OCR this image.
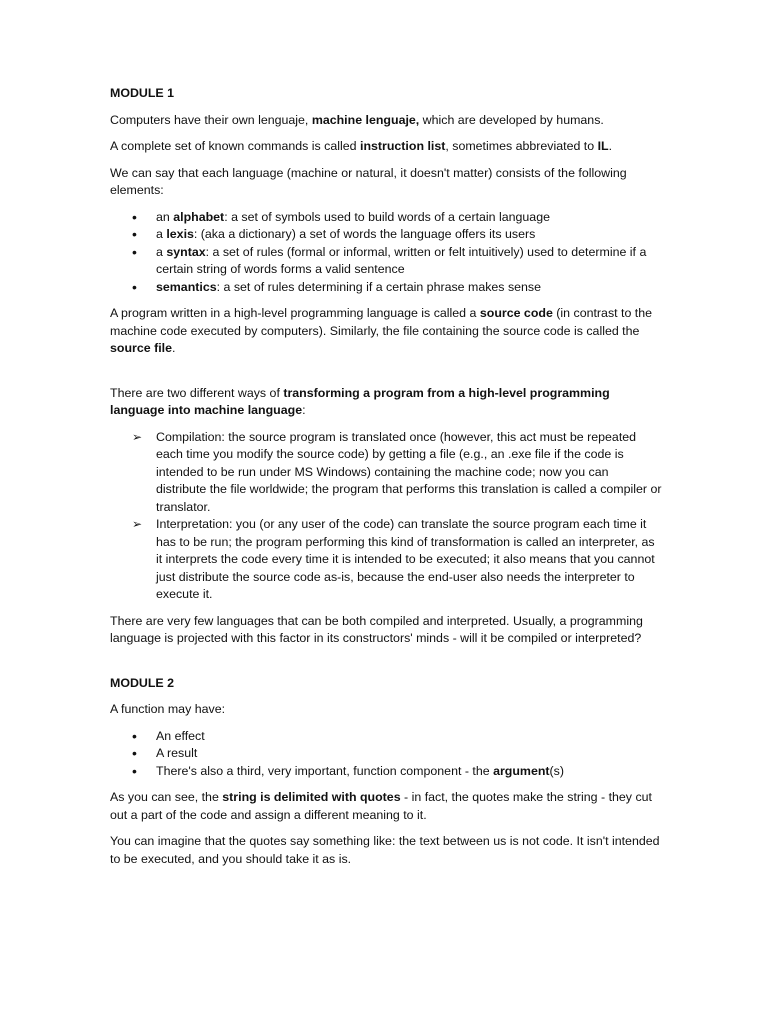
MODULE 1

Computers have their own lenguaje, machine lenguaje, which are developed by humans.

A complete set of known commands is called instruction list, sometimes abbreviated to IL.

We can say that each language (machine or natural, it doesn't matter) consists of the following elements:

• an alphabet: a set of symbols used to build words of a certain language
• a lexis: (aka a dictionary) a set of words the language offers its users
• a syntax: a set of rules (formal or informal, written or felt intuitively) used to determine if a certain string of words forms a valid sentence
• semantics: a set of rules determining if a certain phrase makes sense

A program written in a high-level programming language is called a source code (in contrast to the machine code executed by computers). Similarly, the file containing the source code is called the source file.

There are two different ways of transforming a program from a high-level programming language into machine language:

➢ Compilation: the source program is translated once (however, this act must be repeated each time you modify the source code) by getting a file (e.g., an .exe file if the code is intended to be run under MS Windows) containing the machine code; now you can distribute the file worldwide; the program that performs this translation is called a compiler or translator.
➢ Interpretation: you (or any user of the code) can translate the source program each time it has to be run; the program performing this kind of transformation is called an interpreter, as it interprets the code every time it is intended to be executed; it also means that you cannot just distribute the source code as-is, because the end-user also needs the interpreter to execute it.

There are very few languages that can be both compiled and interpreted. Usually, a programming language is projected with this factor in its constructors' minds - will it be compiled or interpreted?

MODULE 2

A function may have:

• An effect
• A result
• There's also a third, very important, function component - the argument(s)

As you can see, the string is delimited with quotes - in fact, the quotes make the string - they cut out a part of the code and assign a different meaning to it.

You can imagine that the quotes say something like: the text between us is not code. It isn't intended to be executed, and you should take it as is.
